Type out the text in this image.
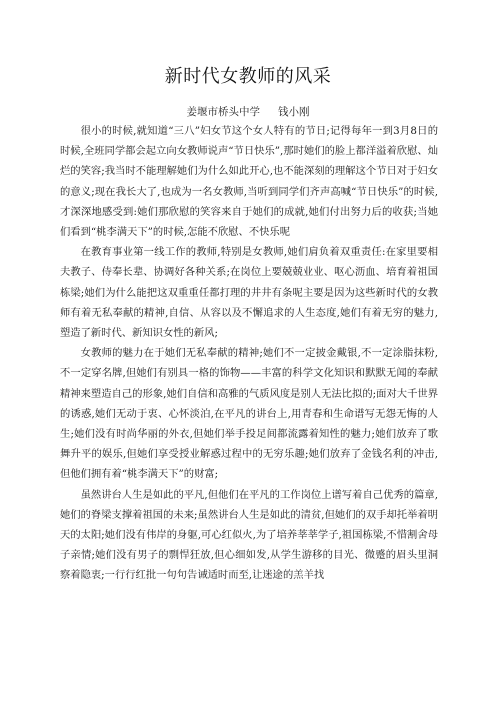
新时代女教师的风采
姜堰市桥头中学 钱小刚

很小的时候,就知道“三八”妇女节这个女人特有的节日;记得每年一到3月8日的时候,全班同学都会起立向女教师说声“节日快乐”,那时她们的脸上都洋溢着欣慰、灿烂的笑容;我当时不能理解她们为什么如此开心,也不能深刻的理解这个节日对于妇女的意义;现在我长大了,也成为一名女教师,当听到同学们齐声高喊“节日快乐”的时候,才深深地感受到:她们那欣慰的笑容来自于她们的成就,她们付出努力后的收获;当她们看到“桃李满天下”的时候,怎能不欣慰、不快乐呢

在教育事业第一线工作的教师,特别是女教师,她们肩负着双重责任:在家里要相夫教子、侍奉长辈、协调好各种关系;在岗位上要兢兢业业、呕心沥血、培育着祖国栋梁;她们为什么能把这双重重任都打理的井井有条呢主要是因为这些新时代的女教师有着无私奉献的精神,自信、从容以及不懈追求的人生态度,她们有着无穷的魅力,塑造了新时代、新知识女性的新风;

女教师的魅力在于她们无私奉献的精神;她们不一定披金戴银,不一定涂脂抹粉,不一定穿名牌,但她们有别具一格的饰物——丰富的科学文化知识和默默无闻的奉献精神来塑造自己的形象,她们自信和高雅的气质风度是别人无法比拟的;面对大千世界的诱惑,她们无动于衷、心怀淡泊,在平凡的讲台上,用青春和生命谱写无怨无悔的人生;她们没有时尚华丽的外衣,但她们举手投足间都流露着知性的魅力;她们放弃了歌舞升平的娱乐,但她们享受授业解惑过程中的无穷乐趣;她们放弃了金钱名利的冲击,但他们拥有着“桃李满天下”的财富;

虽然讲台人生是如此的平凡,但他们在平凡的工作岗位上谱写着自己优秀的篇章,她们的脊梁支撑着祖国的未来;虽然讲台人生是如此的清贫,但她们的双手却托举着明天的太阳;她们没有伟岸的身躯,可心红似火,为了培养莘莘学子,祖国栋梁,不惜割舍母子亲情;她们没有男子的剽悍狂放,但心细如发,从学生游移的目光、微蹙的眉头里洞察着隐衷;一行行红批一句句告诫适时而至,让迷途的羔羊找
